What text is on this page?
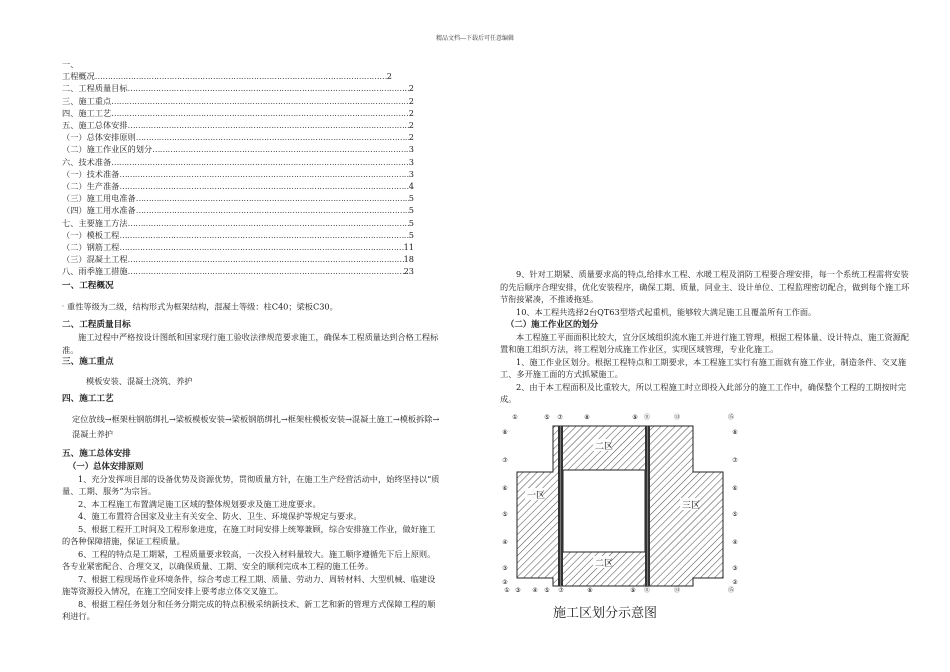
精品文档---下载后可任意编辑
一、
工程概况 …………………………………………………………………………………………………………………………………………………………………………………………………………	2
二、工程质量目标 …………………………………………………………………………………………………………………………………………………………………………………………………………	2
三、施工重点 …………………………………………………………………………………………………………………………………………………………………………………………………………	2
四、施工工艺 …………………………………………………………………………………………………………………………………………………………………………………………………………	2
五、施工总体安排 …………………………………………………………………………………………………………………………………………………………………………………………………………	2
（一）总体安排原则 …………………………………………………………………………………………………………………………………………………………………………………………………………	2
（二）施工作业区的划分 …………………………………………………………………………………………………………………………………………………………………………………………………………	3
六、技术准备 …………………………………………………………………………………………………………………………………………………………………………………………………………	3
（一）技术准备 …………………………………………………………………………………………………………………………………………………………………………………………………………	3
（二）生产准备 …………………………………………………………………………………………………………………………………………………………………………………………………………	4
（三）施工用电准备 …………………………………………………………………………………………………………………………………………………………………………………………………………	5
（四）施工用水准备 …………………………………………………………………………………………………………………………………………………………………………………………………………	5
七、主要施工方法 …………………………………………………………………………………………………………………………………………………………………………………………………………	5
（一）模板工程 …………………………………………………………………………………………………………………………………………………………………………………………………………	5
（二）钢筋工程 …………………………………………………………………………………………………………………………………………………………………………………………………………	11
（三）混凝土工程 …………………………………………………………………………………………………………………………………………………………………………………………………………	18
八、雨季施工措施 …………………………………………………………………………………………………………………………………………………………………………………………………………	23

一、工程概况

。重性等级为二级，结构形式为框架结构，混凝土等级：柱C40；梁板C30。

二、工程质量目标

施工过程中严格按设计图纸和国家现行施工验收法律规范要求施工，确保本工程质量达到合格工程标准。

三、施工重点

模板安装、混凝土浇筑、养护

四、施工工艺

定位放线→框架柱钢筋绑扎→梁板模板安装→梁板钢筋绑扎→框架柱模板安装→混凝土施工→模板拆除→混凝土养护

五、施工总体安排

（一）总体安排原则

1、充分发挥项目部的设备优势及资源优势，贯彻质量方针，在施工生产经营活动中，始终坚持以“质量、工期、服务”为宗旨。

2、本工程施工布置满足施工区域的整体规划要求及施工进度要求。

4、施工布置符合国家及业主有关安全、防火、卫生、环境保护等规定与要求。

5、根据工程开工时间及工程形象进度，在施工时间安排上统筹兼顾，综合安排施工作业，做好施工的各种保障措施，保证工程质量。

6、工程的特点是工期紧，工程质量要求较高，一次投入材料量较大。施工顺序遵循先下后上原则。各专业紧密配合、合理交叉，以确保质量、工期、安全的顺利完成本工程的施工任务。

7、根据工程现场作业环境条件，综合考虑工程工期、质量、劳动力、周转材料、大型机械、临建设施等资源投入情况，在施工空间安排上要考虑立体交叉施工。

8、根据工程任务划分和任务分期完成的特点积极采纳新技术、新工艺和新的管理方式保障工程的顺利进行。

9、针对工期紧、质量要求高的特点,给排水工程、水暖工程及消防工程要合理安排，每一个系统工程需将安装的先后顺序合理安排，优化安装程序，确保工期、质量，同业主、设计单位、工程监理密切配合，做到每个施工环节衔接紧凑，不推诿拖延。

10、本工程共选择2台QT63型塔式起重机，能够较大满足施工且覆盖所有工作面。

（二）施工作业区的划分

本工程施工平面面积比较大，宜分区域组织流水施工并进行施工管理，根据工程体量、设计特点、施工资源配置和施工组织方法，将工程划分成施工作业区，实现区域管理，专业化施工。

1、施工作业区划分。根据工程特点和工期要求，本工程施工实行有施工面就有施工作业，制造条件、交叉施工、多开施工面的方式抓紧施工。

2、由于本工程面积及比重较大，所以工程施工时立即投入此部分的施工工作中，确保整个工程的工期按时完成。

一区
二区
二区
三区
①	⑤ ⑦	⑧	⑨ ⑪	⑬	⑮
① ③ ④ ⑤ ⑦	⑧	⑨ ⑪	⑬	⑮
⑧
⑦
⑥
⑤
④
③
②
⑧
⑦
⑥
⑤
④
③
②
施工区划分示意图
